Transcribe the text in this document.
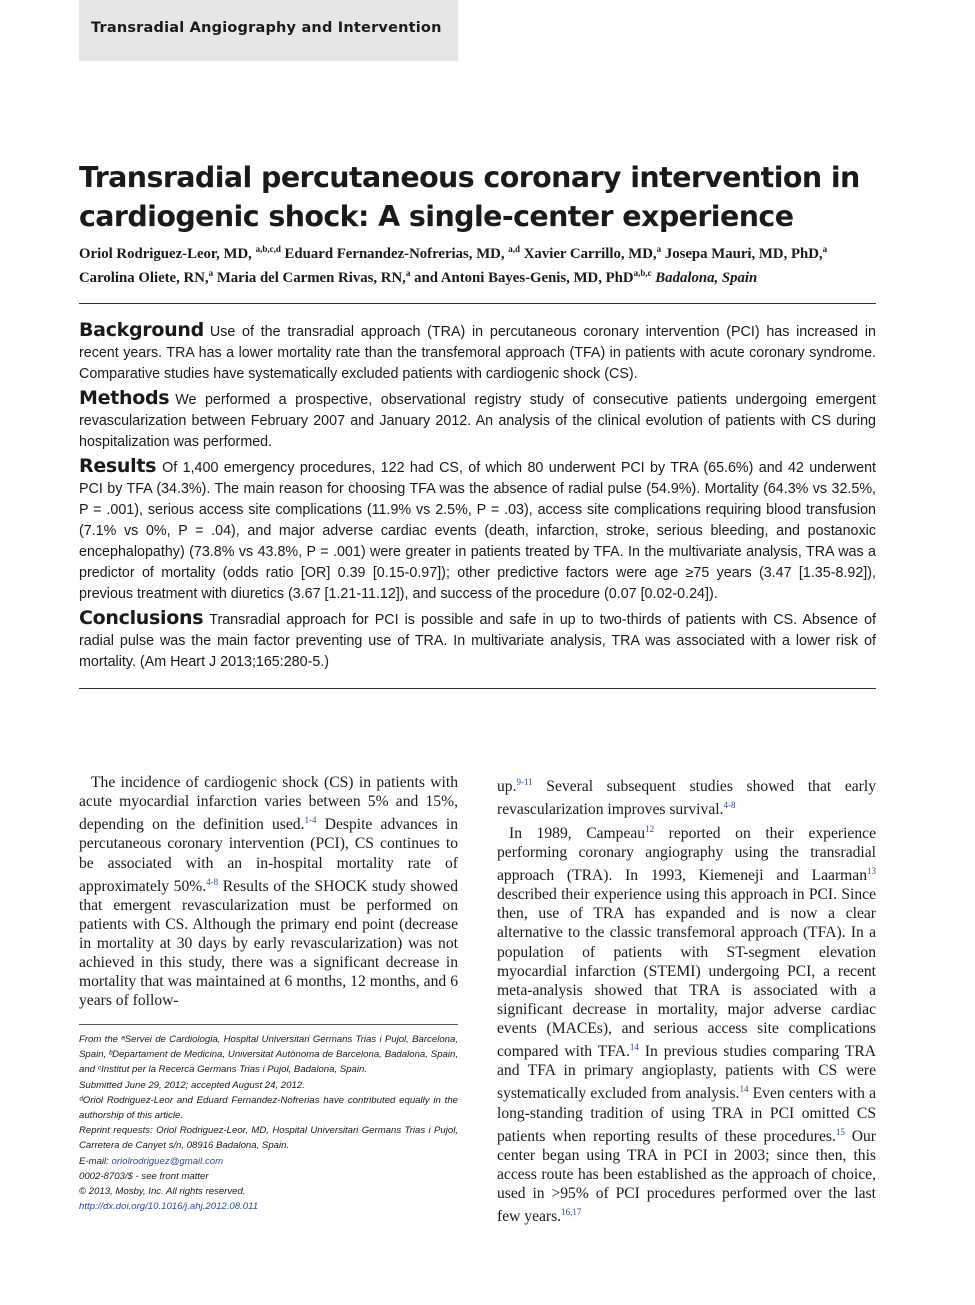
Transradial Angiography and Intervention
Transradial percutaneous coronary intervention in cardiogenic shock: A single-center experience
Oriol Rodriguez-Leor, MD, $^{a,b,c,d}$ Eduard Fernandez-Nofrerias, MD, $^{a,d}$ Xavier Carrillo, MD,$^a$ Josepa Mauri, MD, PhD,$^a$ Carolina Oliete, RN,$^a$ Maria del Carmen Rivas, RN,$^a$ and Antoni Bayes-Genis, MD, PhD$^{a,b,c}$ Badalona, Spain

Background Use of the transradial approach (TRA) in percutaneous coronary intervention (PCI) has increased in recent years. TRA has a lower mortality rate than the transfemoral approach (TFA) in patients with acute coronary syndrome. Comparative studies have systematically excluded patients with cardiogenic shock (CS).

Methods We performed a prospective, observational registry study of consecutive patients undergoing emergent revascularization between February 2007 and January 2012. An analysis of the clinical evolution of patients with CS during hospitalization was performed.

Results Of 1,400 emergency procedures, 122 had CS, of which 80 underwent PCI by TRA (65.6%) and 42 underwent PCI by TFA (34.3%). The main reason for choosing TFA was the absence of radial pulse (54.9%). Mortality (64.3% vs 32.5%, P = .001), serious access site complications (11.9% vs 2.5%, P = .03), access site complications requiring blood transfusion (7.1% vs 0%, P = .04), and major adverse cardiac events (death, infarction, stroke, serious bleeding, and postanoxic encephalopathy) (73.8% vs 43.8%, P = .001) were greater in patients treated by TFA. In the multivariate analysis, TRA was a predictor of mortality (odds ratio [OR] 0.39 [0.15-0.97]); other predictive factors were age ≥75 years (3.47 [1.35-8.92]), previous treatment with diuretics (3.67 [1.21-11.12]), and success of the procedure (0.07 [0.02-0.24]).

Conclusions Transradial approach for PCI is possible and safe in up to two-thirds of patients with CS. Absence of radial pulse was the main factor preventing use of TRA. In multivariate analysis, TRA was associated with a lower risk of mortality. (Am Heart J 2013;165:280-5.)

The incidence of cardiogenic shock (CS) in patients with acute myocardial infarction varies between 5% and 15%, depending on the definition used.$^{1-4}$ Despite advances in percutaneous coronary intervention (PCI), CS continues to be associated with an in-hospital mortality rate of approximately 50%.$^{4-8}$ Results of the SHOCK study showed that emergent revascularization must be performed on patients with CS. Although the primary end point (decrease in mortality at 30 days by early revascularization) was not achieved in this study, there was a significant decrease in mortality that was maintained at 6 months, 12 months, and 6 years of follow-

up.$^{9-11}$ Several subsequent studies showed that early revascularization improves survival.$^{4-8}$

In 1989, Campeau$^{12}$ reported on their experience performing coronary angiography using the transradial approach (TRA). In 1993, Kiemeneji and Laarman$^{13}$ described their experience using this approach in PCI. Since then, use of TRA has expanded and is now a clear alternative to the classic transfemoral approach (TFA). In a population of patients with ST-segment elevation myocardial infarction (STEMI) undergoing PCI, a recent meta-analysis showed that TRA is associated with a significant decrease in mortality, major adverse cardiac events (MACEs), and serious access site complications compared with TFA.$^{14}$ In previous studies comparing TRA and TFA in primary angioplasty, patients with CS were systematically excluded from analysis.$^{14}$ Even centers with a long-standing tradition of using TRA in PCI omitted CS patients when reporting results of these procedures.$^{15}$ Our center began using TRA in PCI in 2003; since then, this access route has been established as the approach of choice, used in >95% of PCI procedures performed over the last few years.$^{16,17}$

From the ᵃServei de Cardiologia, Hospital Universitari Germans Trias i Pujol, Barcelona, Spain, ᵇDepartament de Medicina, Universitat Autònoma de Barcelona, Badalona, Spain, and ᶜInstitut per la Recerca Germans Trias i Pujol, Badalona, Spain.
Submitted June 29, 2012; accepted August 24, 2012.
ᵈOriol Rodriguez-Leor and Eduard Fernandez-Nofrerias have contributed equally in the authorship of this article.
Reprint requests: Oriol Rodriguez-Leor, MD, Hospital Universitari Germans Trias i Pujol, Carretera de Canyet s/n, 08916 Badalona, Spain.
E-mail: oriolrodriguez@gmail.com
0002-8703/$ - see front matter
© 2013, Mosby, Inc. All rights reserved.
http://dx.doi.org/10.1016/j.ahj.2012.08.011
